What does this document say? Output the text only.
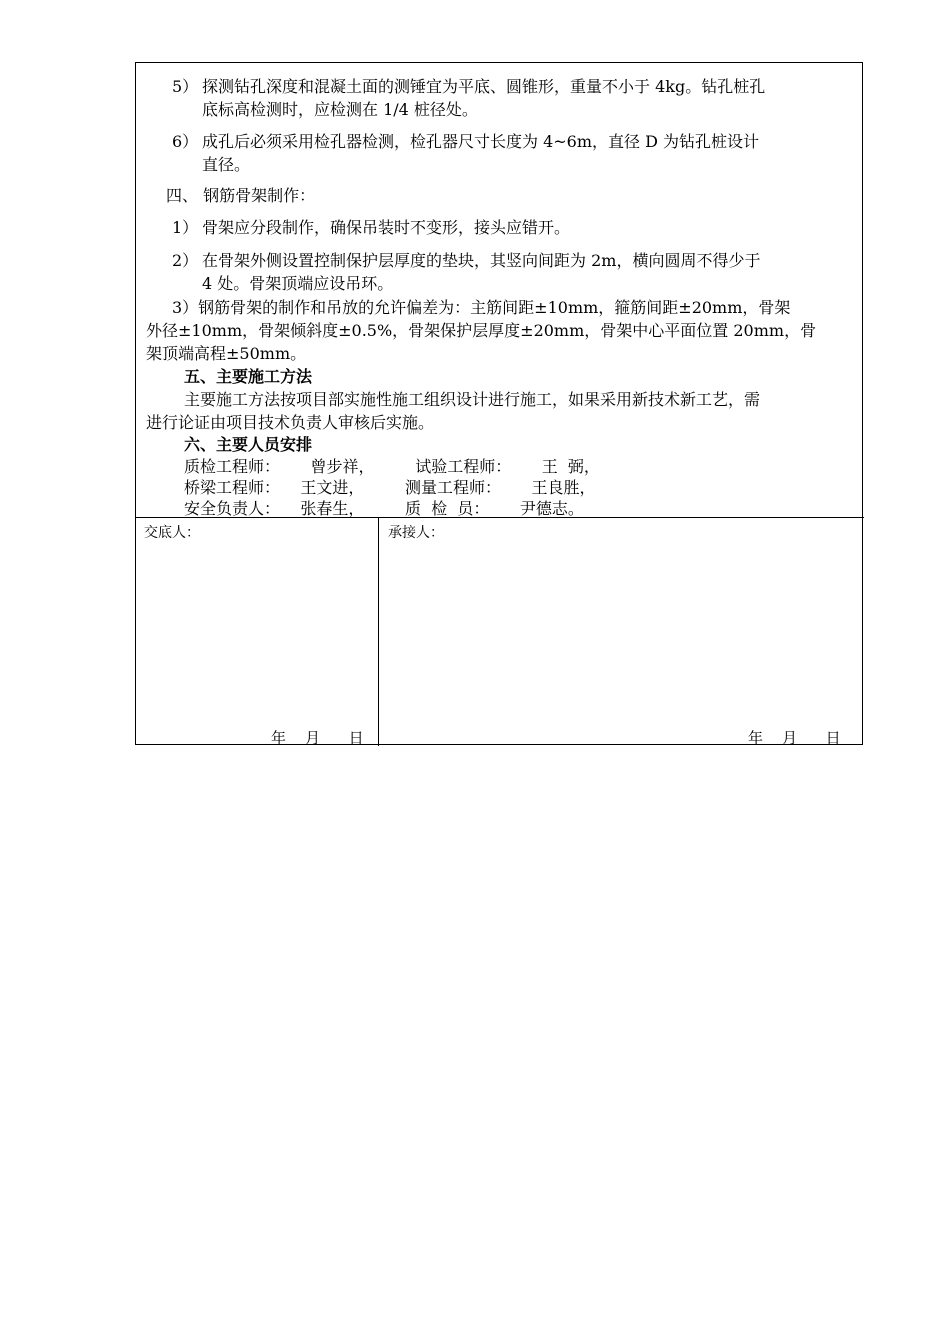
5） 探测钻孔深度和混凝土面的测锤宜为平底、圆锥形，重量不小于 4kg。钻孔桩孔
底标高检测时，应检测在 1/4 桩径处。
6） 成孔后必须采用检孔器检测，检孔器尺寸长度为 4~6m，直径 D 为钻孔桩设计
直径。
四、 钢筋骨架制作：
1） 骨架应分段制作，确保吊装时不变形，接头应错开。
2） 在骨架外侧设置控制保护层厚度的垫块，其竖向间距为 2m，横向圆周不得少于
4 处。骨架顶端应设吊环。
3）钢筋骨架的制作和吊放的允许偏差为：主筋间距±10mm，箍筋间距±20mm，骨架
外径±10mm，骨架倾斜度±0.5%，骨架保护层厚度±20mm，骨架中心平面位置 20mm，骨
架顶端高程±50mm。
五、主要施工方法
主要施工方法按项目部实施性施工组织设计进行施工，如果采用新技术新工艺，需
进行论证由项目技术负责人审核后实施。
六、主要人员安排
质检工程师：      曾步祥，        试验工程师：      王  弼，
桥梁工程师：    王文进，        测量工程师：      王良胜，
安全负责人：    张春生，        质  检  员：      尹德志。
交底人：	承接人：
年    月      日	年    月      日
